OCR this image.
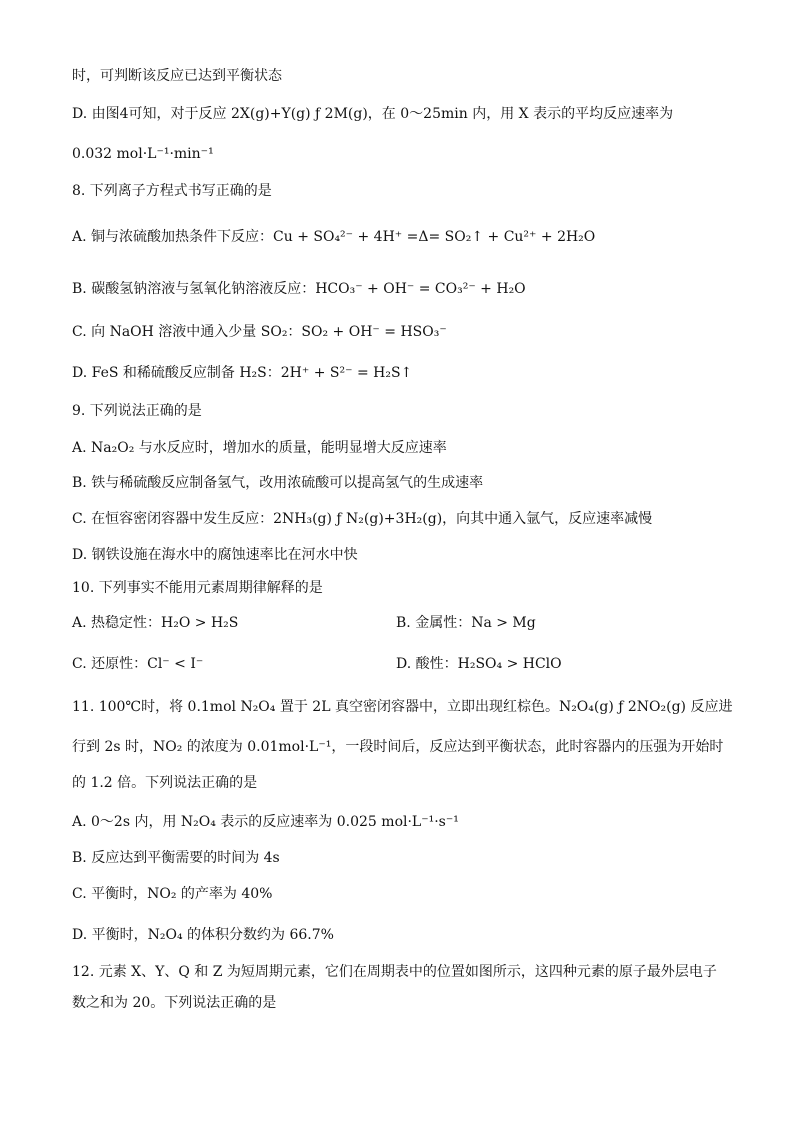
时，可判断该反应已达到平衡状态
D. 由图4可知，对于反应 2X(g)+Y(g) ƒ 2M(g)，在 0～25min 内，用 X 表示的平均反应速率为
0.032 mol·L⁻¹·min⁻¹
8. 下列离子方程式书写正确的是
A. 铜与浓硫酸加热条件下反应：Cu + SO₄²⁻ + 4H⁺ =Δ= SO₂↑ + Cu²⁺ + 2H₂O
B. 碳酸氢钠溶液与氢氧化钠溶液反应：HCO₃⁻ + OH⁻ = CO₃²⁻ + H₂O
C. 向 NaOH 溶液中通入少量 SO₂：SO₂ + OH⁻ = HSO₃⁻
D. FeS 和稀硫酸反应制备 H₂S：2H⁺ + S²⁻ = H₂S↑
9. 下列说法正确的是
A. Na₂O₂ 与水反应时，增加水的质量，能明显增大反应速率
B. 铁与稀硫酸反应制备氢气，改用浓硫酸可以提高氢气的生成速率
C. 在恒容密闭容器中发生反应：2NH₃(g) ƒ N₂(g)+3H₂(g)，向其中通入氩气，反应速率减慢
D. 钢铁设施在海水中的腐蚀速率比在河水中快
10. 下列事实不能用元素周期律解释的是
A. 热稳定性：H₂O > H₂S	B. 金属性：Na > Mg
C. 还原性：Cl⁻ < I⁻	D. 酸性：H₂SO₄ > HClO
11. 100℃时，将 0.1mol N₂O₄ 置于 2L 真空密闭容器中，立即出现红棕色。N₂O₄(g) ƒ 2NO₂(g) 反应进
行到 2s 时，NO₂ 的浓度为 0.01mol·L⁻¹，一段时间后，反应达到平衡状态，此时容器内的压强为开始时
的 1.2 倍。下列说法正确的是
A. 0～2s 内，用 N₂O₄ 表示的反应速率为 0.025 mol·L⁻¹·s⁻¹
B. 反应达到平衡需要的时间为 4s
C. 平衡时，NO₂ 的产率为 40%
D. 平衡时，N₂O₄ 的体积分数约为 66.7%
12. 元素 X、Y、Q 和 Z 为短周期元素，它们在周期表中的位置如图所示，这四种元素的原子最外层电子
数之和为 20。下列说法正确的是
